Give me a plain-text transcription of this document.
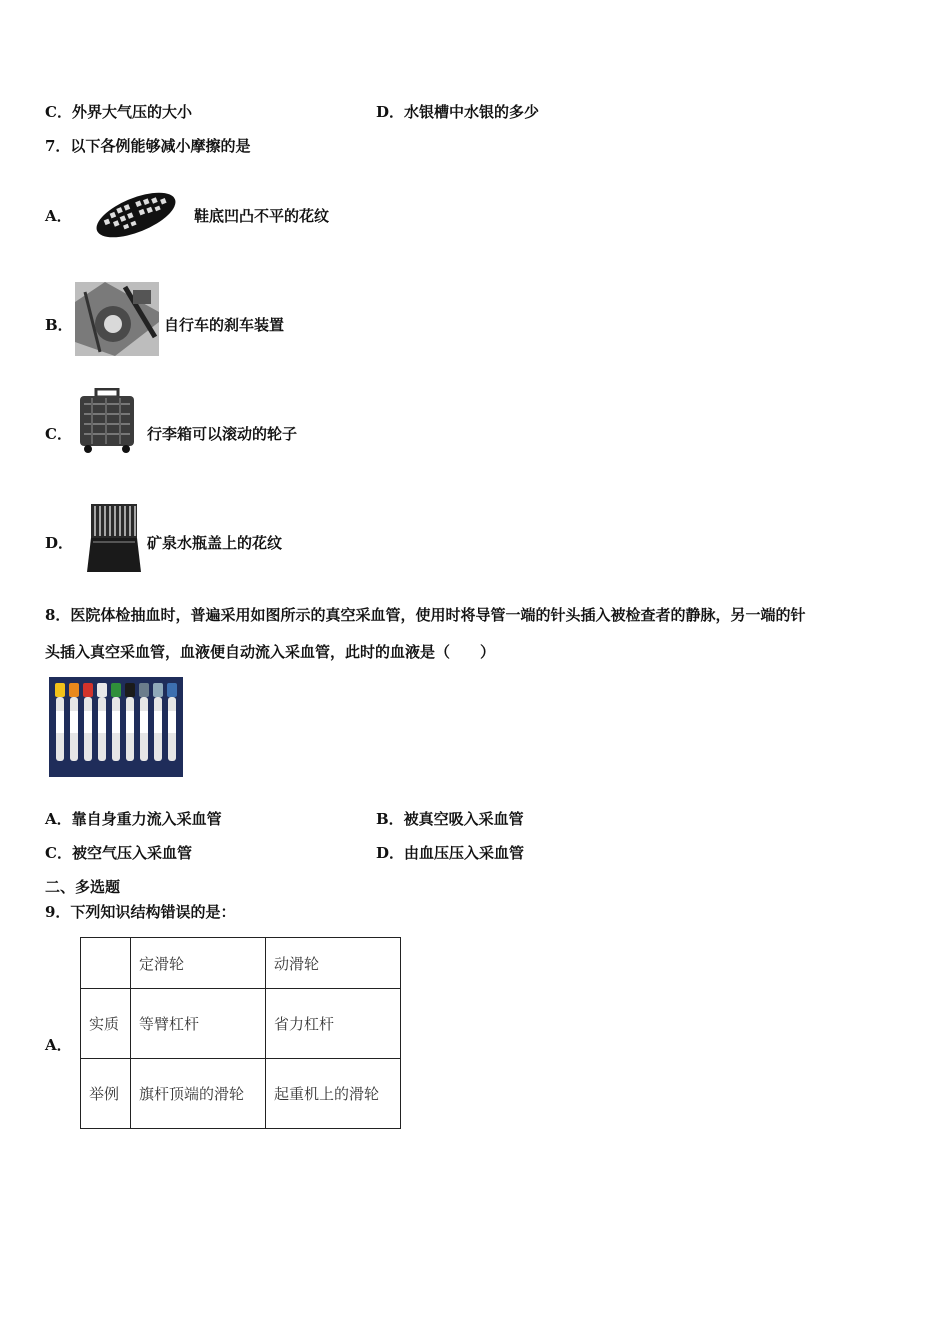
C．外界大气压的大小	D．水银槽中水银的多少
7．以下各例能够减小摩擦的是
A．	鞋底凹凸不平的花纹
B．	自行车的刹车装置
C．	行李箱可以滚动的轮子
D．	矿泉水瓶盖上的花纹
8．医院体检抽血时，普遍采用如图所示的真空采血管，使用时将导管一端的针头插入被检查者的静脉，另一端的针
头插入真空采血管，血液便自动流入采血管，此时的血液是（　　）
A．靠自身重力流入采血管	B．被真空吸入采血管
C．被空气压入采血管	D．由血压压入采血管
二、多选题
9．下列知识结构错误的是：
A．
	定滑轮	动滑轮
实质	等臂杠杆	省力杠杆
举例	旗杆顶端的滑轮	起重机上的滑轮
